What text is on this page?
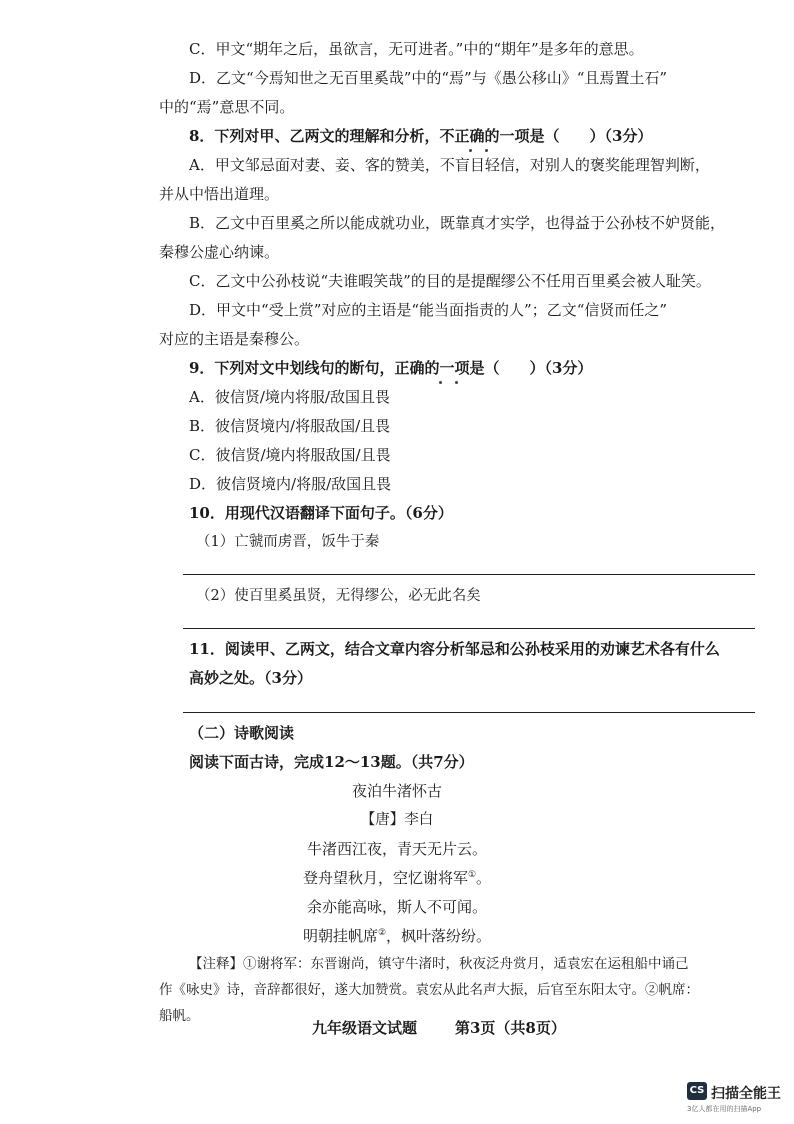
C．甲文“期年之后，虽欲言，无可进者。”中的“期年”是多年的意思。
D．乙文“今焉知世之无百里奚哉”中的“焉”与《愚公移山》“且焉置土石”
中的“焉”意思不同。
8．下列对甲、乙两文的理解和分析，不正确的一项是（　　）（3分）
A．甲文邹忌面对妻、妾、客的赞美，不盲目轻信，对别人的褒奖能理智判断，
并从中悟出道理。
B．乙文中百里奚之所以能成就功业，既靠真才实学，也得益于公孙枝不妒贤能，
秦穆公虚心纳谏。
C．乙文中公孙枝说“夫谁暇笑哉”的目的是提醒缪公不任用百里奚会被人耻笑。
D．甲文中“受上赏”对应的主语是“能当面指责的人”；乙文“信贤而任之”
对应的主语是秦穆公。
9．下列对文中划线句的断句，正确的一项是（　　）（3分）
A．彼信贤/境内将服/敌国且畏
B．彼信贤境内/将服敌国/且畏
C．彼信贤/境内将服敌国/且畏
D．彼信贤境内/将服/敌国且畏
10．用现代汉语翻译下面句子。（6分）
（1）亡虢而虏晋，饭牛于秦
（2）使百里奚虽贤，无得缪公，必无此名矣
11．阅读甲、乙两文，结合文章内容分析邹忌和公孙枝采用的劝谏艺术各有什么
高妙之处。（3分）
（二）诗歌阅读
阅读下面古诗，完成12～13题。（共7分）
夜泊牛渚怀古
【唐】李白
牛渚西江夜，青天无片云。
登舟望秋月，空忆谢将军①。
余亦能高咏，斯人不可闻。
明朝挂帆席②，枫叶落纷纷。
【注释】①谢将军：东晋谢尚，镇守牛渚时，秋夜泛舟赏月，适袁宏在运租船中诵己
作《咏史》诗，音辞都很好，遂大加赞赏。袁宏从此名声大振，后官至东阳太守。②帆席：
船帆。
九年级语文试题	第3页（共8页）
CS 扫描全能王
3亿人都在用的扫描App
